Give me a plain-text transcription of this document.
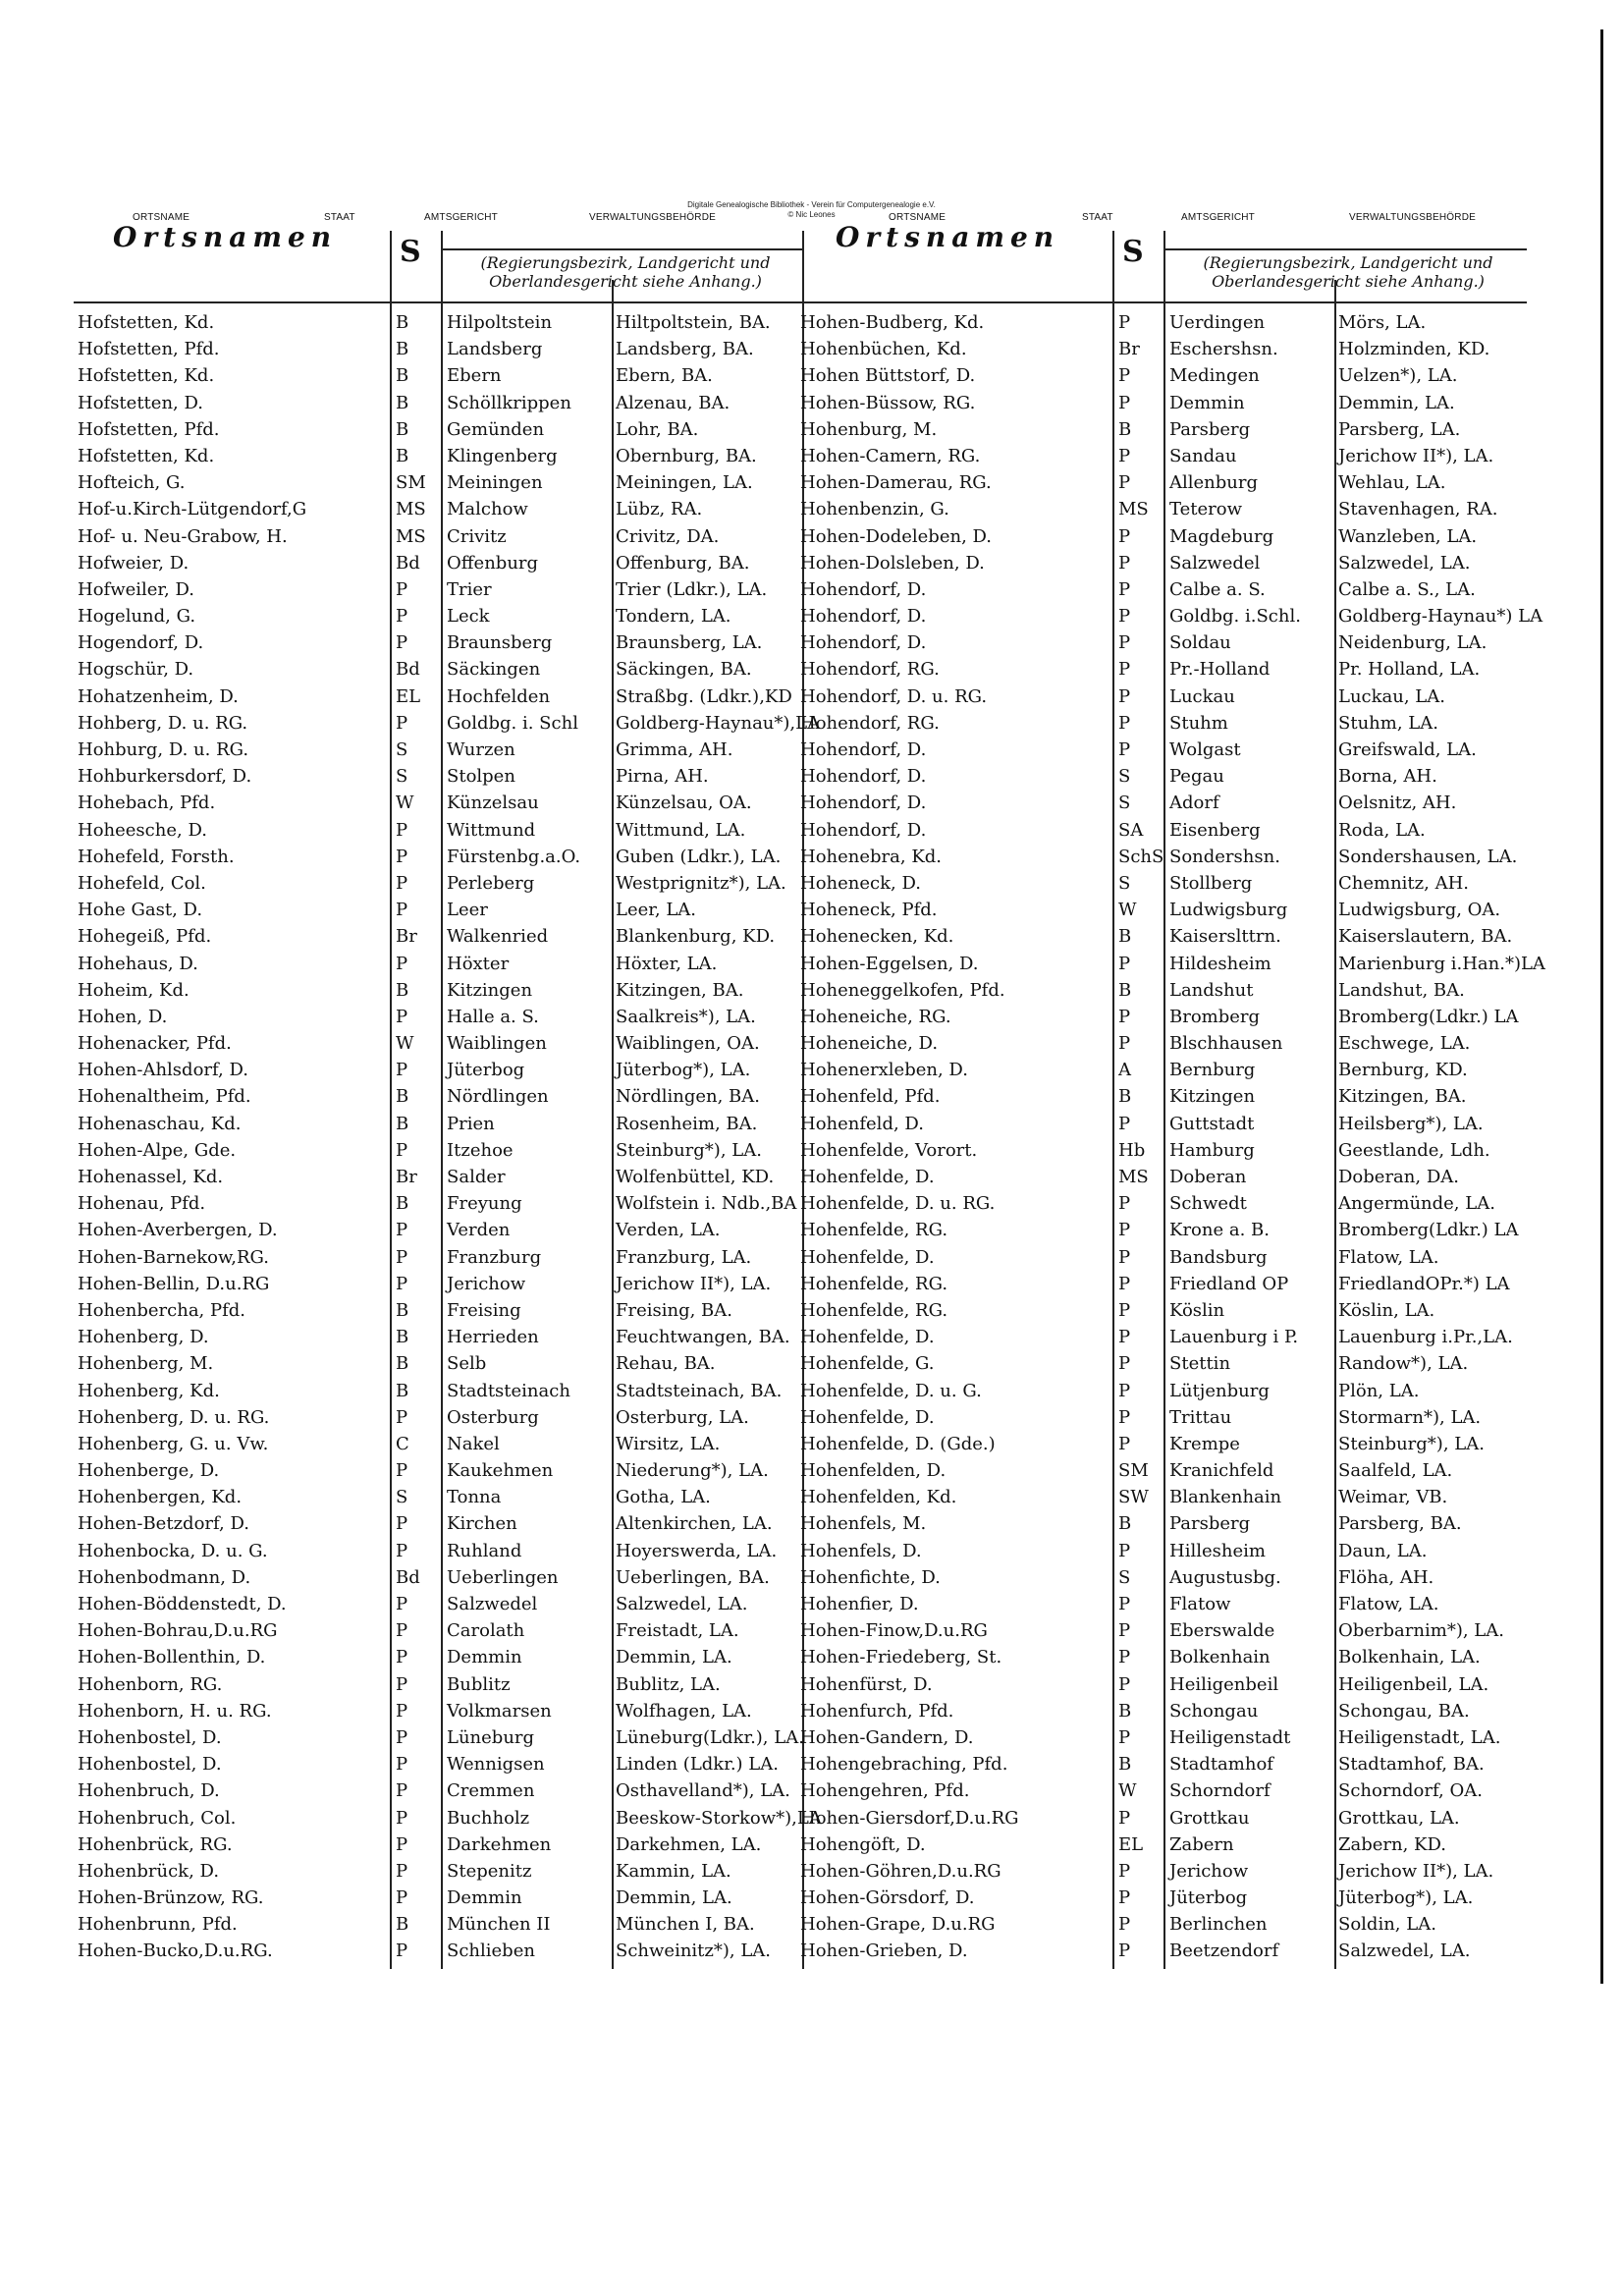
Digitale Genealogische Bibliothek - Verein für Computergenealogie e.V.
© Nic Leones
ORTSNAME	STAAT	AMTSGERICHT	VERWALTUNGSBEHÖRDE	ORTSNAME	STAAT	AMTSGERICHT	VERWALTUNGSBEHÖRDE
Ortsnamen S	(Regierungsbezirk, Landgericht und
Oberlandesgericht siehe Anhang.)
Hofstetten, Kd.	B	Hilpoltstein	Hiltpoltstein, BA.
Hofstetten, Pfd.	B	Landsberg	Landsberg, BA.
Hofstetten, Kd.	B	Ebern	Ebern, BA.
Hofstetten, D.	B	Schöllkrippen	Alzenau, BA.
Hofstetten, Pfd.	B	Gemünden	Lohr, BA.
Hofstetten, Kd.	B	Klingenberg	Obernburg, BA.
Hofteich, G.	SM	Meiningen	Meiningen, LA.
Hof-u.Kirch-Lütgendorf,G	MS	Malchow	Lübz, RA.
Hof- u. Neu-Grabow, H.	MS	Crivitz	Crivitz, DA.
Hofweier, D.	Bd	Offenburg	Offenburg, BA.
Hofweiler, D.	P	Trier	Trier (Ldkr.), LA.
Hogelund, G.	P	Leck	Tondern, LA.
Hogendorf, D.	P	Braunsberg	Braunsberg, LA.
Hogschür, D.	Bd	Säckingen	Säckingen, BA.
Hohatzenheim, D.	EL	Hochfelden	Straßbg. (Ldkr.),KD
Hohberg, D. u. RG.	P	Goldbg. i. Schl	Goldberg-Haynau*),LA
Hohburg, D. u. RG.	S	Wurzen	Grimma, AH.
Hohburkersdorf, D.	S	Stolpen	Pirna, AH.
Hohebach, Pfd.	W	Künzelsau	Künzelsau, OA.
Hoheesche, D.	P	Wittmund	Wittmund, LA.
Hohefeld, Forsth.	P	Fürstenbg.a.O.	Guben (Ldkr.), LA.
Hohefeld, Col.	P	Perleberg	Westprignitz*), LA.
Hohe Gast, D.	P	Leer	Leer, LA.
Hohegeiß, Pfd.	Br	Walkenried	Blankenburg, KD.
Hohehaus, D.	P	Höxter	Höxter, LA.
Hoheim, Kd.	B	Kitzingen	Kitzingen, BA.
Hohen, D.	P	Halle a. S.	Saalkreis*), LA.
Hohenacker, Pfd.	W	Waiblingen	Waiblingen, OA.
Hohen-Ahlsdorf, D.	P	Jüterbog	Jüterbog*), LA.
Hohenaltheim, Pfd.	B	Nördlingen	Nördlingen, BA.
Hohenaschau, Kd.	B	Prien	Rosenheim, BA.
Hohen-Alpe, Gde.	P	Itzehoe	Steinburg*), LA.
Hohenassel, Kd.	Br	Salder	Wolfenbüttel, KD.
Hohenau, Pfd.	B	Freyung	Wolfstein i. Ndb.,BA
Hohen-Averbergen, D.	P	Verden	Verden, LA.
Hohen-Barnekow,RG.	P	Franzburg	Franzburg, LA.
Hohen-Bellin, D.u.RG	P	Jerichow	Jerichow II*), LA.
Hohenbercha, Pfd.	B	Freising	Freising, BA.
Hohenberg, D.	B	Herrieden	Feuchtwangen, BA.
Hohenberg, M.	B	Selb	Rehau, BA.
Hohenberg, Kd.	B	Stadtsteinach	Stadtsteinach, BA.
Hohenberg, D. u. RG.	P	Osterburg	Osterburg, LA.
Hohenberg, G. u. Vw.	C	Nakel	Wirsitz, LA.
Hohenberge, D.	P	Kaukehmen	Niederung*), LA.
Hohenbergen, Kd.	S	Tonna	Gotha, LA.
Hohen-Betzdorf, D.	P	Kirchen	Altenkirchen, LA.
Hohenbocka, D. u. G.	P	Ruhland	Hoyerswerda, LA.
Hohenbodmann, D.	Bd	Ueberlingen	Ueberlingen, BA.
Hohen-Böddenstedt, D.	P	Salzwedel	Salzwedel, LA.
Hohen-Bohrau,D.u.RG	P	Carolath	Freistadt, LA.
Hohen-Bollenthin, D.	P	Demmin	Demmin, LA.
Hohenborn, RG.	P	Bublitz	Bublitz, LA.
Hohenborn, H. u. RG.	P	Volkmarsen	Wolfhagen, LA.
Hohenbostel, D.	P	Lüneburg	Lüneburg(Ldkr.), LA.
Hohenbostel, D.	P	Wennigsen	Linden (Ldkr.) LA.
Hohenbruch, D.	P	Cremmen	Osthavelland*), LA.
Hohenbruch, Col.	P	Buchholz	Beeskow-Storkow*),LA
Hohenbrück, RG.	P	Darkehmen	Darkehmen, LA.
Hohenbrück, D.	P	Stepenitz	Kammin, LA.
Hohen-Brünzow, RG.	P	Demmin	Demmin, LA.
Hohenbrunn, Pfd.	B	München II	München I, BA.
Hohen-Bucko,D.u.RG.	P	Schlieben	Schweinitz*), LA.
Ortsnamen S	(Regierungsbezirk, Landgericht und
Oberlandesgericht siehe Anhang.)
Hohen-Budberg, Kd.	P	Uerdingen	Mörs, LA.
Hohenbüchen, Kd.	Br	Eschershsn.	Holzminden, KD.
Hohen Büttstorf, D.	P	Medingen	Uelzen*), LA.
Hohen-Büssow, RG.	P	Demmin	Demmin, LA.
Hohenburg, M.	B	Parsberg	Parsberg, LA.
Hohen-Camern, RG.	P	Sandau	Jerichow II*), LA.
Hohen-Damerau, RG.	P	Allenburg	Wehlau, LA.
Hohenbenzin, G.	MS	Teterow	Stavenhagen, RA.
Hohen-Dodeleben, D.	P	Magdeburg	Wanzleben, LA.
Hohen-Dolsleben, D.	P	Salzwedel	Salzwedel, LA.
Hohendorf, D.	P	Calbe a. S.	Calbe a. S., LA.
Hohendorf, D.	P	Goldbg. i.Schl.	Goldberg-Haynau*) LA
Hohendorf, D.	P	Soldau	Neidenburg, LA.
Hohendorf, RG.	P	Pr.-Holland	Pr. Holland, LA.
Hohendorf, D. u. RG.	P	Luckau	Luckau, LA.
Hohendorf, RG.	P	Stuhm	Stuhm, LA.
Hohendorf, D.	P	Wolgast	Greifswald, LA.
Hohendorf, D.	S	Pegau	Borna, AH.
Hohendorf, D.	S	Adorf	Oelsnitz, AH.
Hohendorf, D.	SA	Eisenberg	Roda, LA.
Hohenebra, Kd.	SchS Sondershsn.	Sondershausen, LA.
Hoheneck, D.	S	Stollberg	Chemnitz, AH.
Hoheneck, Pfd.	W	Ludwigsburg	Ludwigsburg, OA.
Hohenecken, Kd.	B	Kaiserslttrn.	Kaiserslautern, BA.
Hohen-Eggelsen, D.	P	Hildesheim	Marienburg i.Han.*)LA
Hoheneggelkofen, Pfd.	B	Landshut	Landshut, BA.
Hoheneiche, RG.	P	Bromberg	Bromberg(Ldkr.) LA
Hoheneiche, D.	P	Blschhausen	Eschwege, LA.
Hohenerxleben, D.	A	Bernburg	Bernburg, KD.
Hohenfeld, Pfd.	B	Kitzingen	Kitzingen, BA.
Hohenfeld, D.	P	Guttstadt	Heilsberg*), LA.
Hohenfelde, Vorort.	Hb	Hamburg	Geestlande, Ldh.
Hohenfelde, D.	MS	Doberan	Doberan, DA.
Hohenfelde, D. u. RG.	P	Schwedt	Angermünde, LA.
Hohenfelde, RG.	P	Krone a. B.	Bromberg(Ldkr.) LA
Hohenfelde, D.	P	Bandsburg	Flatow, LA.
Hohenfelde, RG.	P	Friedland OP	FriedlandOPr.*) LA
Hohenfelde, RG.	P	Köslin	Köslin, LA.
Hohenfelde, D.	P	Lauenburg i P.	Lauenburg i.Pr.,LA.
Hohenfelde, G.	P	Stettin	Randow*), LA.
Hohenfelde, D. u. G.	P	Lütjenburg	Plön, LA.
Hohenfelde, D.	P	Trittau	Stormarn*), LA.
Hohenfelde, D. (Gde.)	P	Krempe	Steinburg*), LA.
Hohenfelden, D.	SM	Kranichfeld	Saalfeld, LA.
Hohenfelden, Kd.	SW	Blankenhain	Weimar, VB.
Hohenfels, M.	B	Parsberg	Parsberg, BA.
Hohenfels, D.	P	Hillesheim	Daun, LA.
Hohenfichte, D.	S	Augustusbg.	Flöha, AH.
Hohenfier, D.	P	Flatow	Flatow, LA.
Hohen-Finow,D.u.RG	P	Eberswalde	Oberbarnim*), LA.
Hohen-Friedeberg, St.	P	Bolkenhain	Bolkenhain, LA.
Hohenfürst, D.	P	Heiligenbeil	Heiligenbeil, LA.
Hohenfurch, Pfd.	B	Schongau	Schongau, BA.
Hohen-Gandern, D.	P	Heiligenstadt	Heiligenstadt, LA.
Hohengebraching, Pfd.	B	Stadtamhof	Stadtamhof, BA.
Hohengehren, Pfd.	W	Schorndorf	Schorndorf, OA.
Hohen-Giersdorf,D.u.RG	P	Grottkau	Grottkau, LA.
Hohengöft, D.	EL	Zabern	Zabern, KD.
Hohen-Göhren,D.u.RG	P	Jerichow	Jerichow II*), LA.
Hohen-Görsdorf, D.	P	Jüterbog	Jüterbog*), LA.
Hohen-Grape, D.u.RG	P	Berlinchen	Soldin, LA.
Hohen-Grieben, D.	P	Beetzendorf	Salzwedel, LA.
